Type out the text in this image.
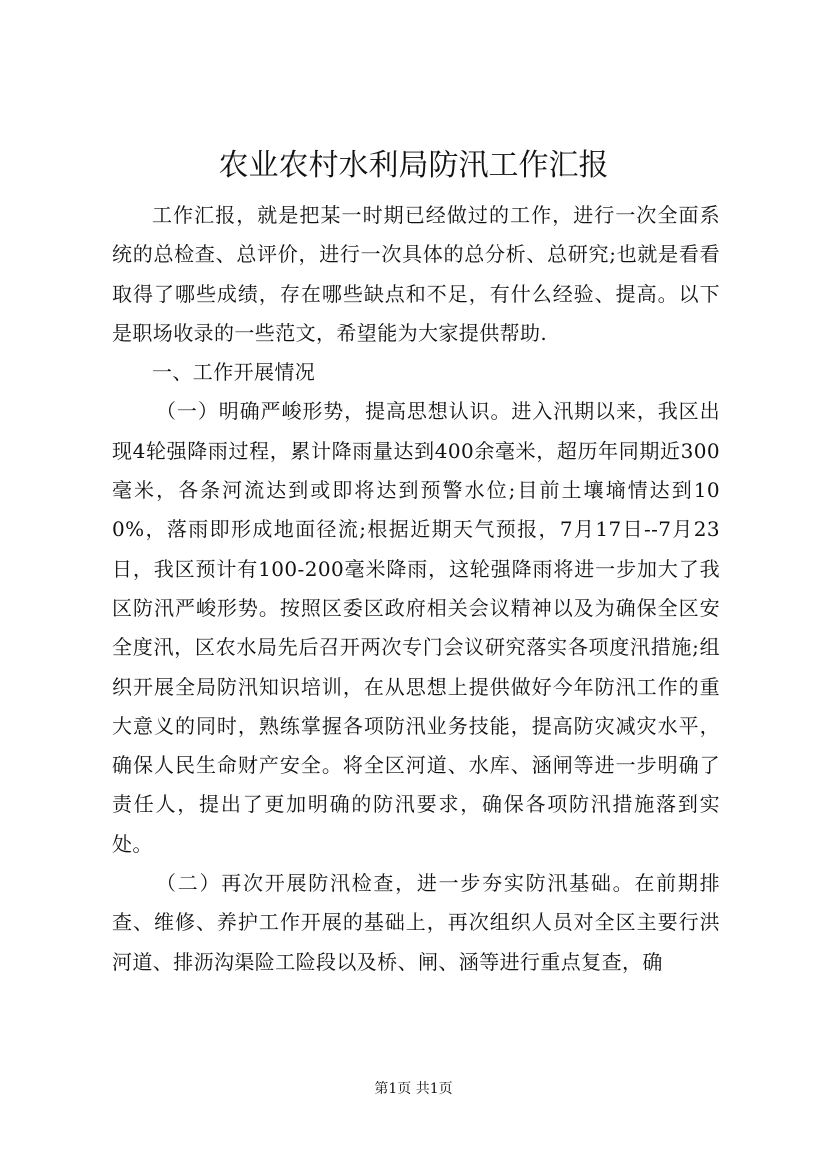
农业农村水利局防汛工作汇报

工作汇报，就是把某一时期已经做过的工作，进行一次全面系统的总检查、总评价，进行一次具体的总分析、总研究;也就是看看取得了哪些成绩，存在哪些缺点和不足，有什么经验、提高。以下是职场收录的一些范文，希望能为大家提供帮助.

一、工作开展情况

（一）明确严峻形势，提高思想认识。进入汛期以来，我区出现4轮强降雨过程，累计降雨量达到400余毫米，超历年同期近300毫米，各条河流达到或即将达到预警水位;目前土壤墒情达到100%，落雨即形成地面径流;根据近期天气预报，7月17日--7月23日，我区预计有100-200毫米降雨，这轮强降雨将进一步加大了我区防汛严峻形势。按照区委区政府相关会议精神以及为确保全区安全度汛，区农水局先后召开两次专门会议研究落实各项度汛措施;组织开展全局防汛知识培训，在从思想上提供做好今年防汛工作的重大意义的同时，熟练掌握各项防汛业务技能，提高防灾减灾水平，确保人民生命财产安全。将全区河道、水库、涵闸等进一步明确了责任人，提出了更加明确的防汛要求，确保各项防汛措施落到实处。

（二）再次开展防汛检查，进一步夯实防汛基础。在前期排查、维修、养护工作开展的基础上，再次组织人员对全区主要行洪河道、排沥沟渠险工险段以及桥、闸、涵等进行重点复查，确

第1页 共1页
